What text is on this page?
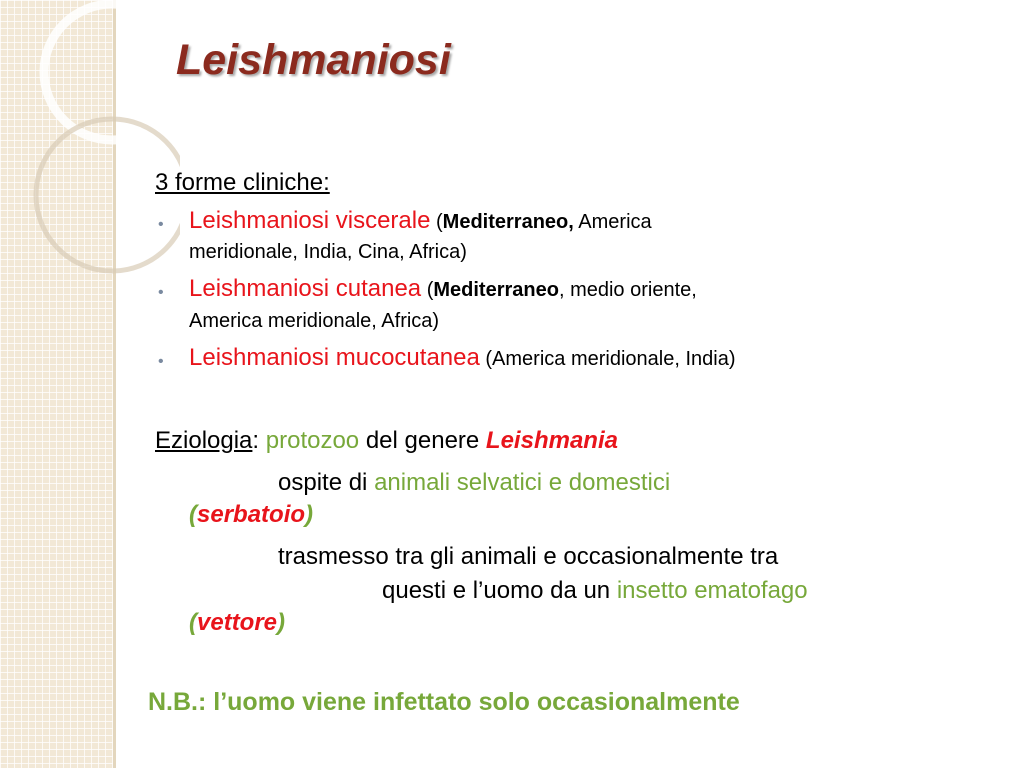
Leishmaniosi
3 forme cliniche:
• Leishmaniosi viscerale (Mediterraneo, America
meridionale, India, Cina, Africa)
• Leishmaniosi cutanea (Mediterraneo, medio oriente,
America meridionale, Africa)
• Leishmaniosi mucocutanea (America meridionale, India)
Eziologia: protozoo del genere Leishmania
ospite di animali selvatici e domestici
(serbatoio)
trasmesso tra gli animali e occasionalmente tra
questi e l’uomo da un insetto ematofago
(vettore)
N.B.: l’uomo viene infettato solo occasionalmente
